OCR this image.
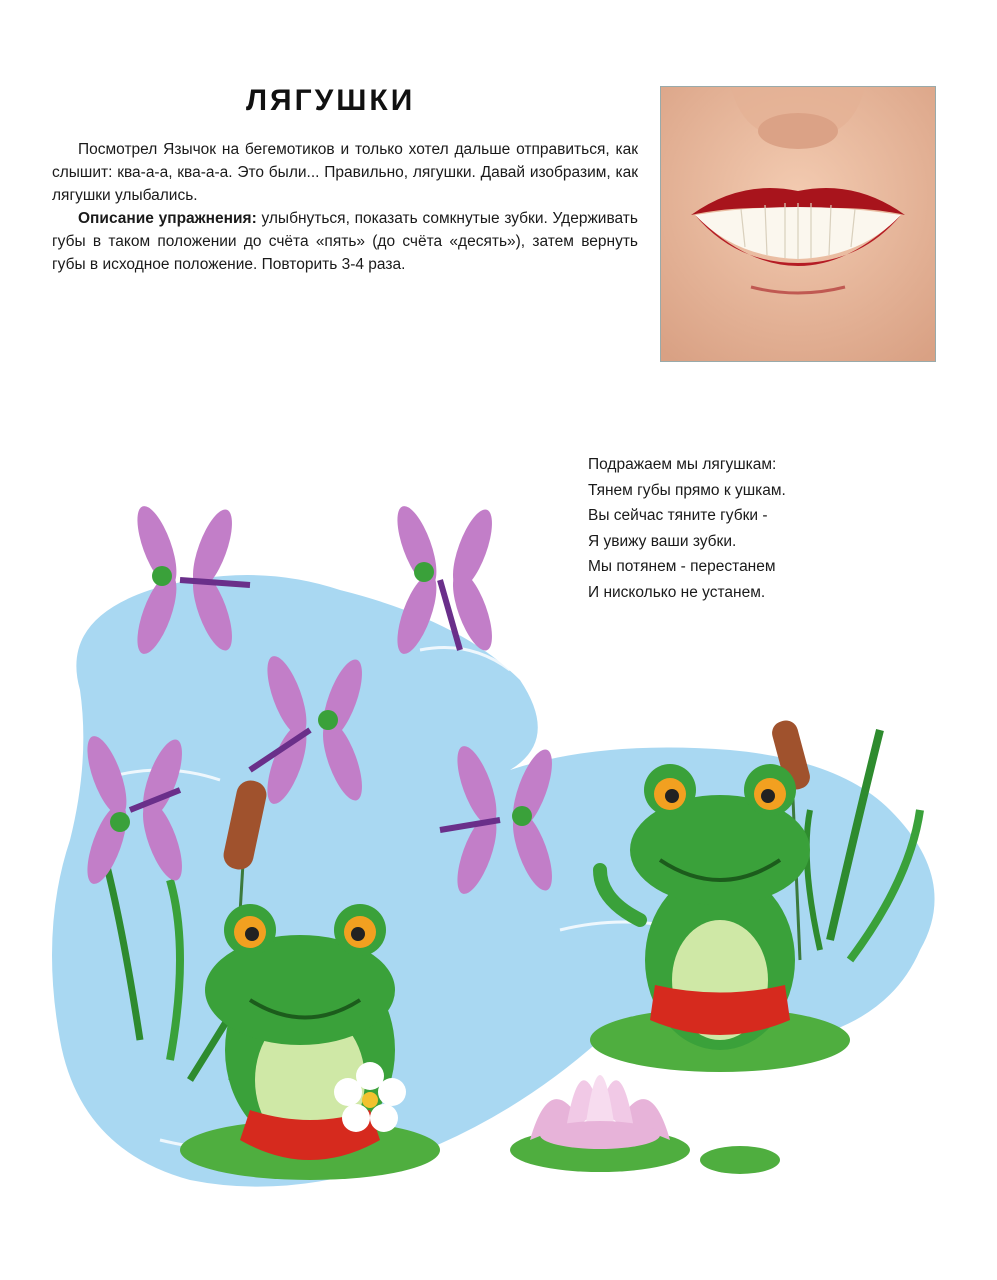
ЛЯГУШКИ

Посмотрел Язычок на бегемотиков и только хотел дальше отправиться, как слышит: ква-а-а, ква-а-а. Это были... Правильно, лягушки. Давай изобразим, как лягушки улыбались.

Описание упражнения: улыбнуться, показать сомкнутые зубки. Удерживать губы в таком положении до счёта «пять» (до счёта «десять»), затем вернуть губы в исходное положение. Повторить 3-4 раза.

Подражаем мы лягушкам:
Тянем губы прямо к ушкам.
Вы сейчас тяните губки -
Я увижу ваши зубки.
Мы потянем - перестанем
И нисколько не устанем.
